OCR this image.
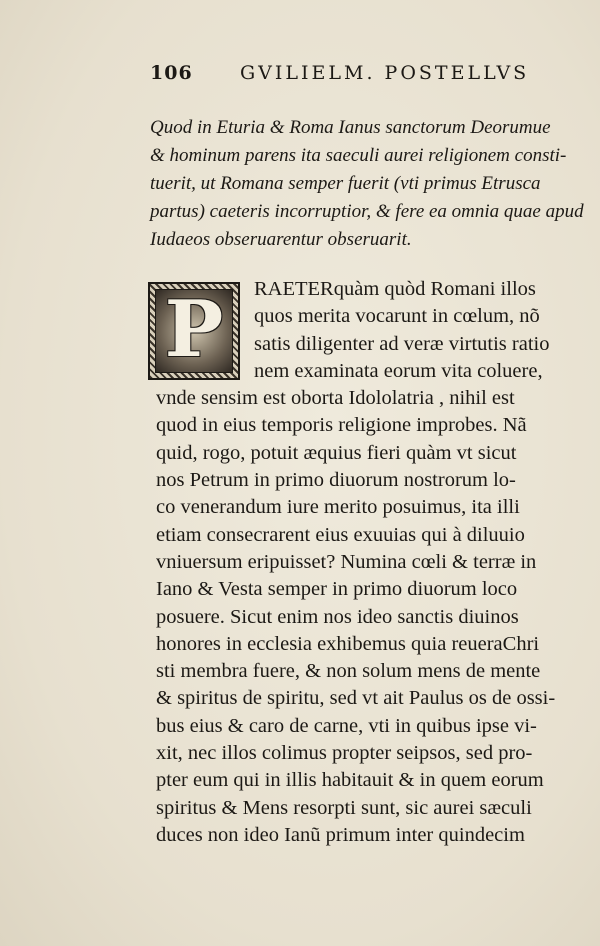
106 GVILIELM. POSTELLVS
Quod in Eturia & Roma Ianus sanctorum Deorumue
& hominum parens ita saeculi aurei religionem consti-
tuerit, ut Romana semper fuerit (vti primus Etrusca
partus) caeteris incorruptior, & fere ea omnia quae apud
Iudaeos obseruarentur obseruarit.
P	RAETERquàm quòd Romani illos
quos merita vocarunt in cœlum, nõ
satis diligenter ad veræ virtutis ratio
nem examinata eorum vita coluere,
vnde sensim est oborta Idololatria , nihil est
quod in eius temporis religione improbes. Nã
quid, rogo, potuit æquius fieri quàm vt sicut
nos Petrum in primo diuorum nostrorum lo-
co venerandum iure merito posuimus, ita illi
etiam consecrarent eius exuuias qui à diluuio
vniuersum eripuisset? Numina cœli & terræ in
Iano & Vesta semper in primo diuorum loco
posuere. Sicut enim nos ideo sanctis diuinos
honores in ecclesia exhibemus quia reueraChri
sti membra fuere, & non solum mens de mente
& spiritus de spiritu, sed vt ait Paulus os de ossi-
bus eius & caro de carne, vti in quibus ipse vi-
xit, nec illos colimus propter seipsos, sed pro-
pter eum qui in illis habitauit & in quem eorum
spiritus & Mens resorpti sunt, sic aurei sæculi
duces non ideo Ianũ primum inter quindecim
